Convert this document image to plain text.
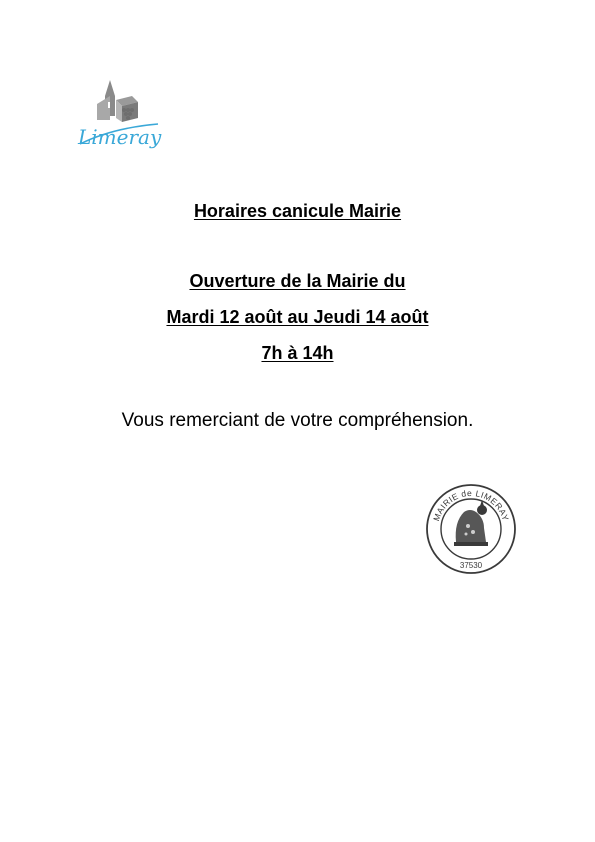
Limeray
Horaires canicule Mairie
Ouverture de la Mairie du
Mardi 12 août au Jeudi 14 août
7h à 14h
Vous remerciant de votre compréhension.
MAIRIE de LIMERAY
37530
